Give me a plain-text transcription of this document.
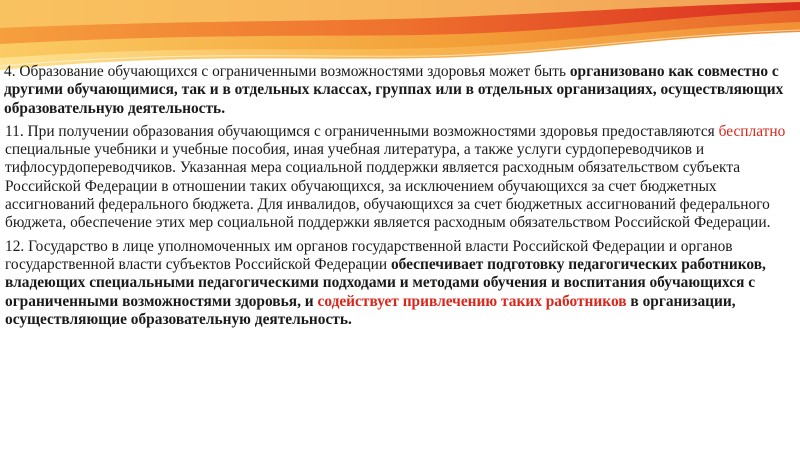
4. Образование обучающихся с ограниченными возможностями здоровья может быть организовано как совместно с другими обучающимися, так и в отдельных классах, группах или в отдельных организациях, осуществляющих образовательную деятельность.

11. При получении образования обучающимся с ограниченными возможностями здоровья предоставляются бесплатно специальные учебники и учебные пособия, иная учебная литература, а также услуги сурдопереводчиков и тифлосурдопереводчиков. Указанная мера социальной поддержки является расходным обязательством субъекта Российской Федерации в отношении таких обучающихся, за исключением обучающихся за счет бюджетных ассигнований федерального бюджета. Для инвалидов, обучающихся за счет бюджетных ассигнований федерального бюджета, обеспечение этих мер социальной поддержки является расходным обязательством Российской Федерации.

12. Государство в лице уполномоченных им органов государственной власти Российской Федерации и органов государственной власти субъектов Российской Федерации обеспечивает подготовку педагогических работников, владеющих специальными педагогическими подходами и методами обучения и воспитания обучающихся с ограниченными возможностями здоровья, и содействует привлечению таких работников в организации, осуществляющие образовательную деятельность.
